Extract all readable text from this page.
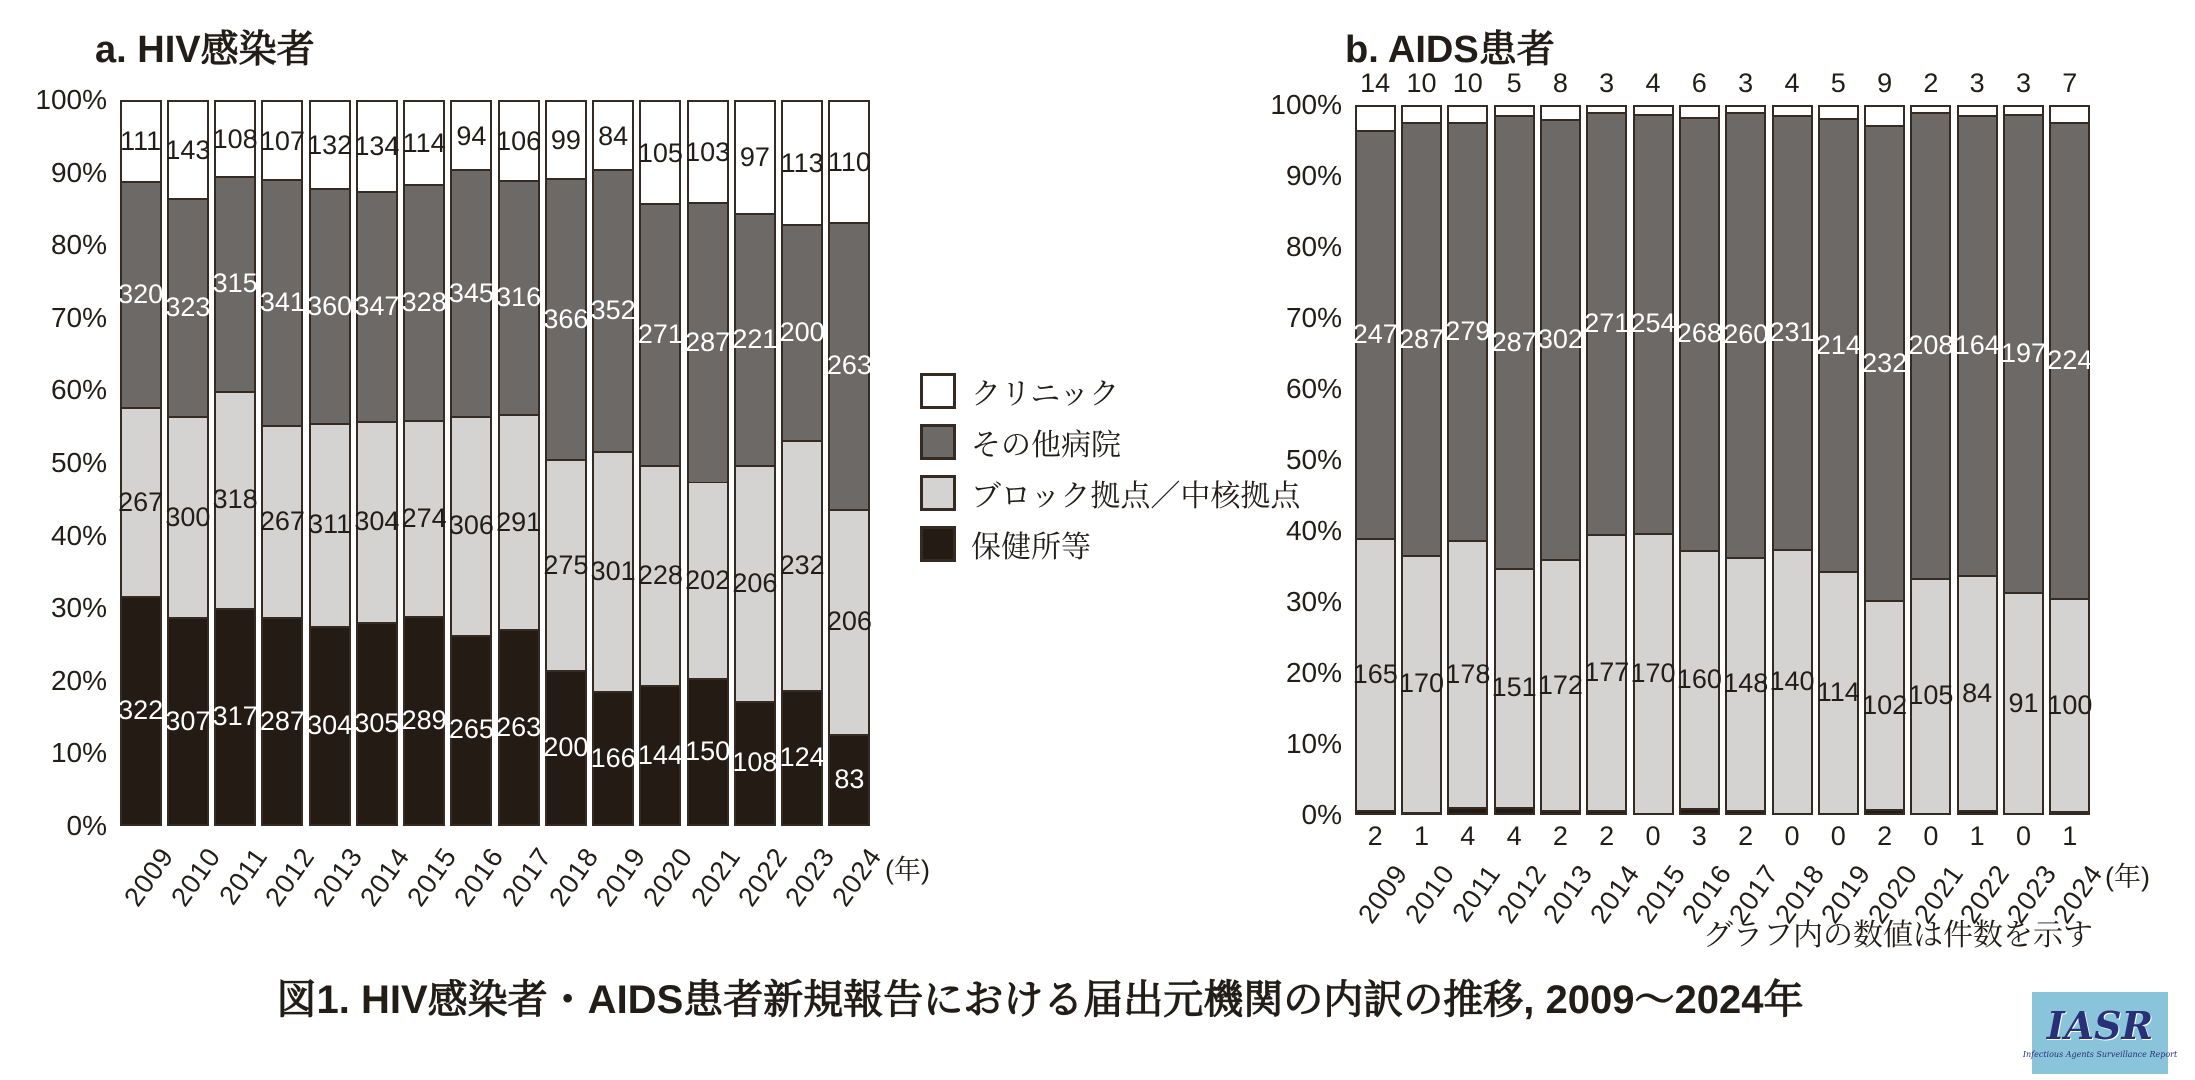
a. HIV感染者	b. AIDS患者
100%
90%
80%
70%
60%
50%
40%
30%
20%
10%
0%
322
267
320
111
2009
307
300
323
143
2010
317
318
315
108
2011
287
267
341
107
2012
304
311
360
132
2013
305
304
347
134
2014
289
274
328
114
2015
265
306
345
94
2016
263
291
316
106
2017
200
275
366
99
2018
166
301
352
84
2019
144
228
271
105
2020
150
202
287
103
2021
108
206
221
97
2022
124
232
200
113
2023
83
206
263
110
2024
(年)
100%
90%
80%
70%
60%
50%
40%
30%
20%
10%
0%
2
165
247
14
2009
1
170
287
10
2010
4
178
279
10
2011
4
151
287
5
2012
2
172
302
8
2013
2
177
271
3
2014
0
170
254
4
2015
3
160
268
6
2016
2
148
260
3
2017
0
140
231
4
2018
0
114
214
5
2019
2
102
232
9
2020
0
105
208
2
2021
1
84
164
3
2022
0
91
197
3
2023
1
100
224
7
2024
(年)
クリニック
その他病院
ブロック拠点／中核拠点
保健所等
グラフ内の数値は件数を示す
図1. HIV感染者・AIDS患者新規報告における届出元機関の内訳の推移, 2009～2024年
IASR
Infectious Agents Surveillance Report
